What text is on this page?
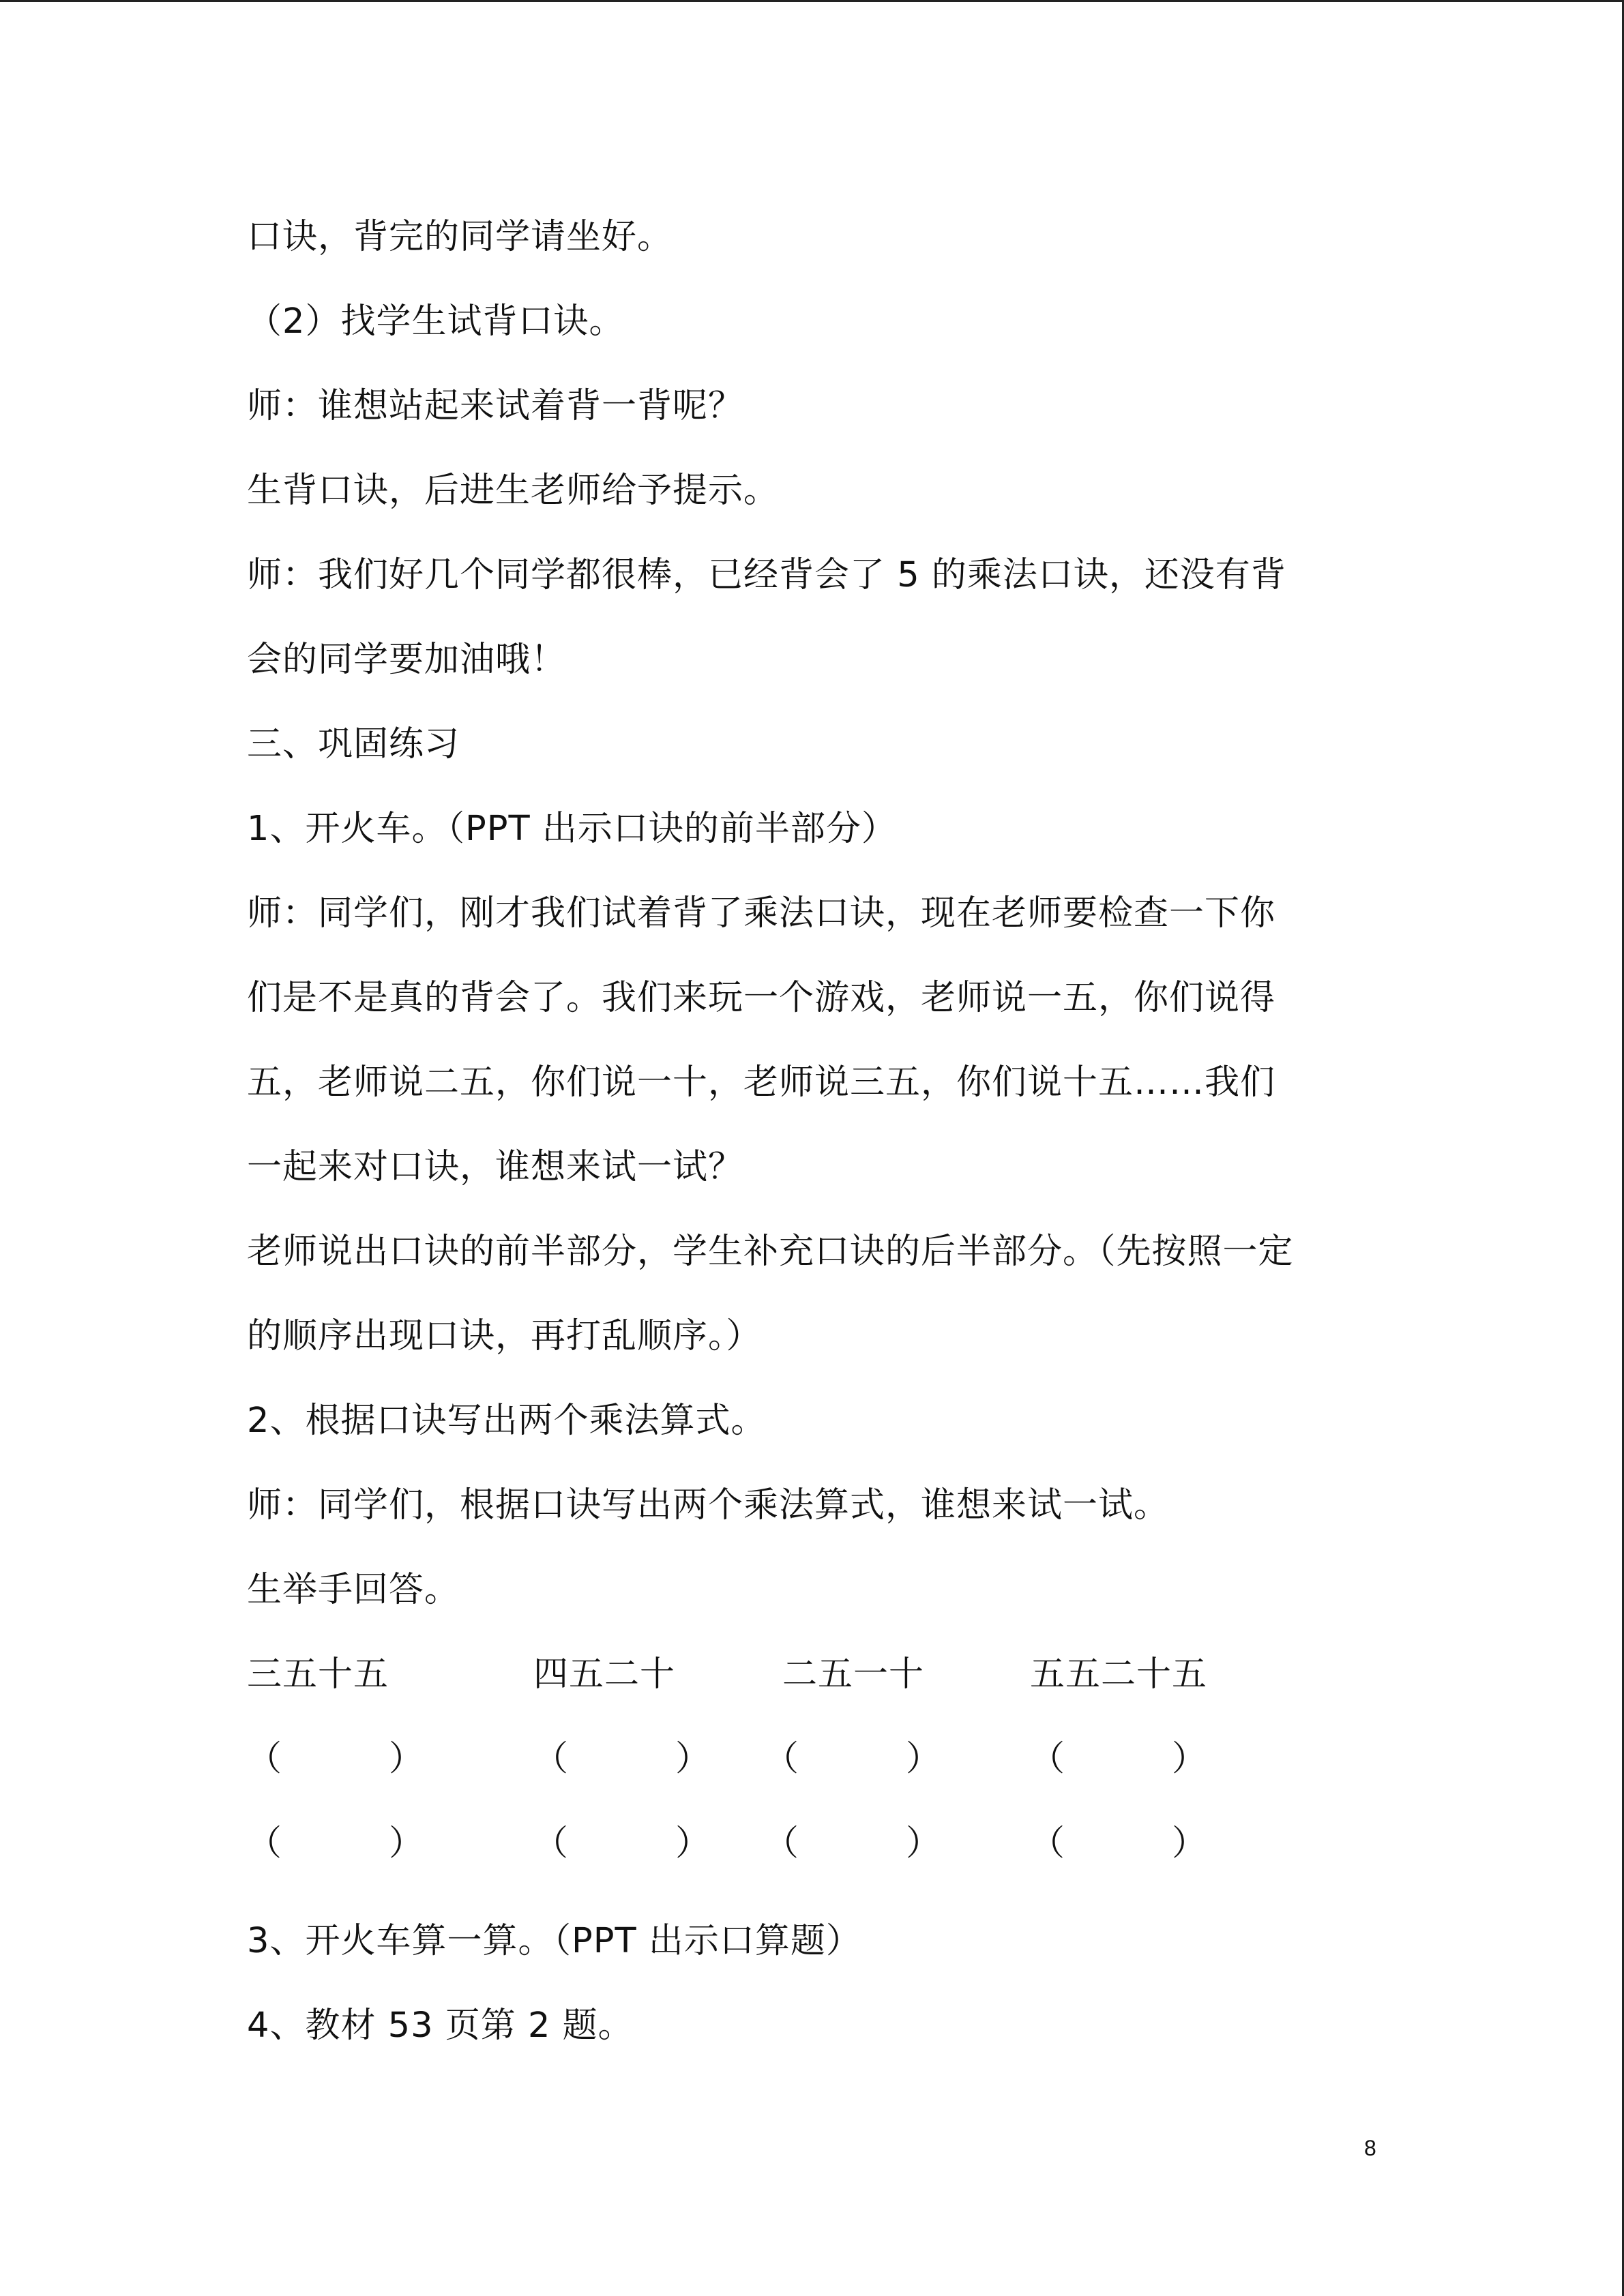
口诀，背完的同学请坐好。
（2）找学生试背口诀。
师：谁想站起来试着背一背呢？
生背口诀，后进生老师给予提示。
师：我们好几个同学都很棒，已经背会了 5 的乘法口诀，还没有背
会的同学要加油哦！
三、巩固练习
1、开火车。（PPT 出示口诀的前半部分）
师：同学们，刚才我们试着背了乘法口诀，现在老师要检查一下你
们是不是真的背会了。我们来玩一个游戏，老师说一五，你们说得
五，老师说二五，你们说一十，老师说三五，你们说十五……我们
一起来对口诀，谁想来试一试？
老师说出口诀的前半部分，学生补充口诀的后半部分。（先按照一定
的顺序出现口诀，再打乱顺序。）
2、根据口诀写出两个乘法算式。
师：同学们，根据口诀写出两个乘法算式，谁想来试一试。
生举手回答。
三五十五	四五二十	二五一十	五五二十五
（　　　）	（　　　） （　　　）	（　　　）
（　　　）	（　　　） （　　　）	（　　　）
3、开火车算一算。（PPT 出示口算题）
4、教材 53 页第 2 题。
8
